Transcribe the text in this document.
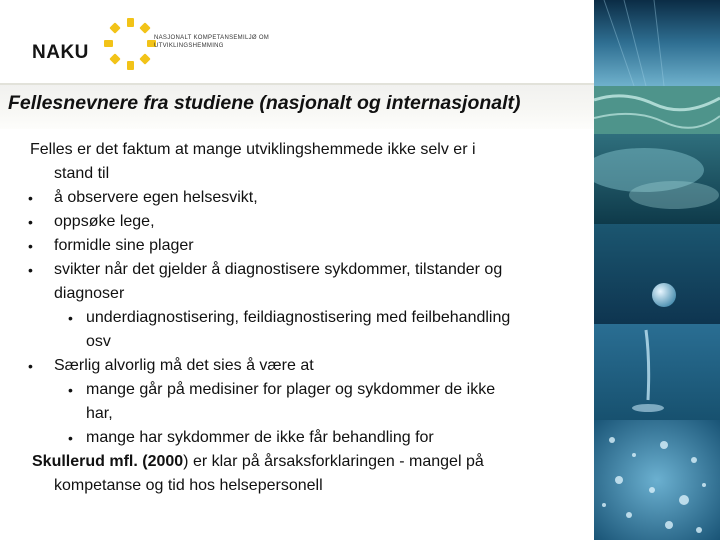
NAKU
NASJONALT KOMPETANSEMILJØ OM UTVIKLINGSHEMMING
Fellesnevnere fra studiene (nasjonalt og internasjonalt)
Felles er det faktum at mange utviklingshemmede ikke selv er i
stand til
• å observere egen helsesvikt,
• oppsøke lege,
• formidle sine plager
• svikter når det gjelder å diagnostisere sykdommer, tilstander og
diagnoser
• underdiagnostisering, feildiagnostisering med feilbehandling
osv
• Særlig alvorlig må det sies å være at
• mange går på medisiner for plager og sykdommer de ikke
har,
• mange har sykdommer de ikke får behandling for
Skullerud mfl. (2000) er klar på årsaksforklaringen - mangel på
kompetanse og tid hos helsepersonell
